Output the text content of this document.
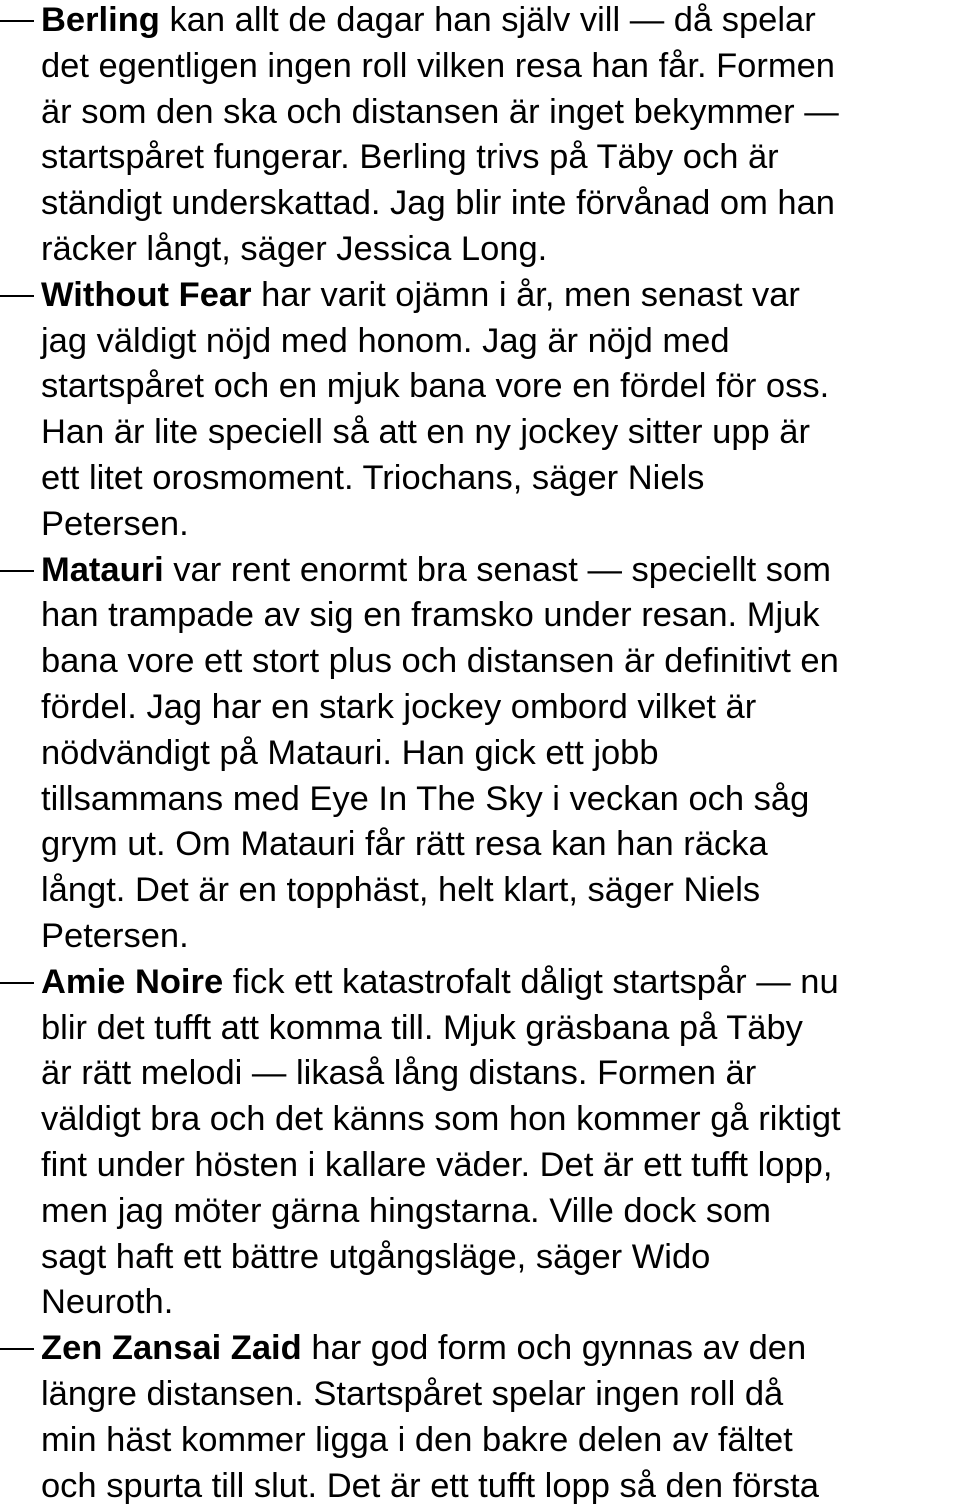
Berling kan allt de dagar han själv vill — då spelar
det egentligen ingen roll vilken resa han får. Formen
är som den ska och distansen är inget bekymmer —
startspåret fungerar. Berling trivs på Täby och är
ständigt underskattad. Jag blir inte förvånad om han
räcker långt, säger Jessica Long.
Without Fear har varit ojämn i år, men senast var
jag väldigt nöjd med honom. Jag är nöjd med
startspåret och en mjuk bana vore en fördel för oss.
Han är lite speciell så att en ny jockey sitter upp är
ett litet orosmoment. Triochans, säger Niels
Petersen.
Matauri var rent enormt bra senast — speciellt som
han trampade av sig en framsko under resan. Mjuk
bana vore ett stort plus och distansen är definitivt en
fördel. Jag har en stark jockey ombord vilket är
nödvändigt på Matauri. Han gick ett jobb
tillsammans med Eye In The Sky i veckan och såg
grym ut. Om Matauri får rätt resa kan han räcka
långt. Det är en topphäst, helt klart, säger Niels
Petersen.
Amie Noire fick ett katastrofalt dåligt startspår — nu
blir det tufft att komma till. Mjuk gräsbana på Täby
är rätt melodi — likaså lång distans. Formen är
väldigt bra och det känns som hon kommer gå riktigt
fint under hösten i kallare väder. Det är ett tufft lopp,
men jag möter gärna hingstarna. Ville dock som
sagt haft ett bättre utgångsläge, säger Wido
Neuroth.
Zen Zansai Zaid har god form och gynnas av den
längre distansen. Startspåret spelar ingen roll då
min häst kommer ligga i den bakre delen av fältet
och spurta till slut. Det är ett tufft lopp så den första
